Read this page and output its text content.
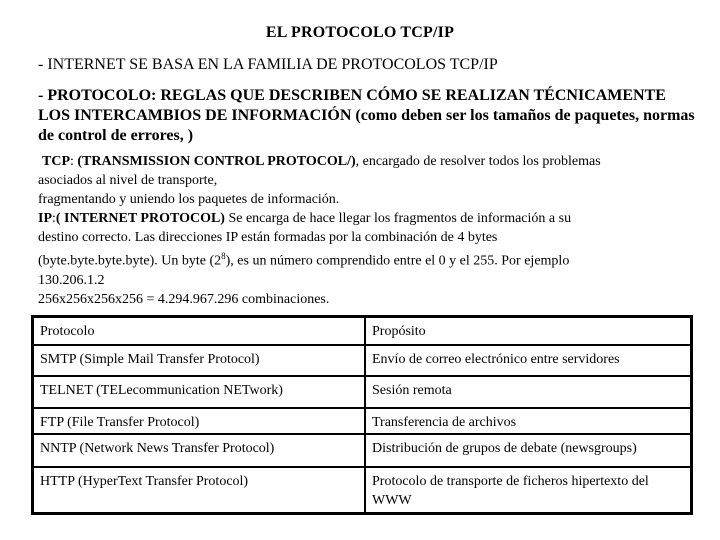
EL PROTOCOLO TCP/IP
- INTERNET SE BASA EN LA FAMILIA DE PROTOCOLOS TCP/IP
- PROTOCOLO: REGLAS QUE DESCRIBEN CÓMO SE REALIZAN TÉCNICAMENTE LOS INTERCAMBIOS DE INFORMACIÓN (como deben ser los tamaños de paquetes, normas de control de errores, )
TCP: (TRANSMISSION CONTROL PROTOCOL/), encargado de resolver todos los problemas
asociados al nivel de transporte,
fragmentando y uniendo los paquetes de información.
IP:( INTERNET PROTOCOL) Se encarga de hace llegar los fragmentos de información a su
destino correcto. Las direcciones IP están formadas por la combinación de 4 bytes
(byte.byte.byte.byte). Un byte $(2^8)$, es un número comprendido entre el 0 y el 255. Por ejemplo
130.206.1.2
256x256x256x256 = 4.294.967.296 combinaciones.
Protocolo	Propósito
SMTP (Simple Mail Transfer Protocol)	Envío de correo electrónico entre servidores
TELNET (TELecommunication NETwork)	Sesión remota
FTP (File Transfer Protocol)	Transferencia de archivos
NNTP (Network News Transfer Protocol)	Distribución de grupos de debate (newsgroups)
HTTP (HyperText Transfer Protocol)	Protocolo de transporte de ficheros hipertexto del WWW
